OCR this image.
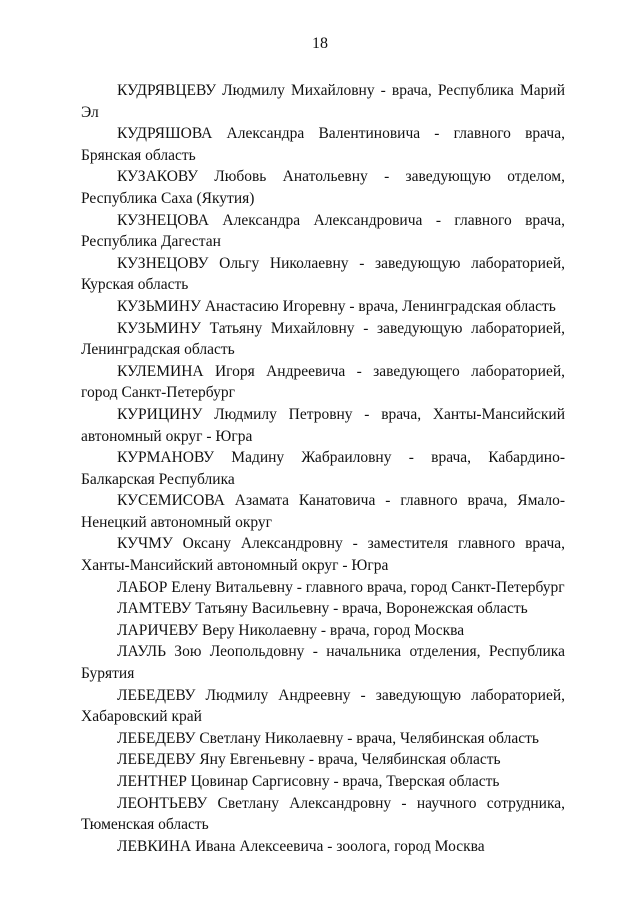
18

КУДРЯВЦЕВУ Людмилу Михайловну - врача, Республика Марий Эл

КУДРЯШОВА Александра Валентиновича - главного врача, Брянская область

КУЗАКОВУ Любовь Анатольевну - заведующую отделом, Республика Саха (Якутия)

КУЗНЕЦОВА Александра Александровича - главного врача, Республика Дагестан

КУЗНЕЦОВУ Ольгу Николаевну - заведующую лабораторией, Курская область

КУЗЬМИНУ Анастасию Игоревну - врача, Ленинградская область

КУЗЬМИНУ Татьяну Михайловну - заведующую лабораторией, Ленинградская область

КУЛЕМИНА Игоря Андреевича - заведующего лабораторией, город Санкт-Петербург

КУРИЦИНУ Людмилу Петровну - врача, Ханты-Мансийский автономный округ - Югра

КУРМАНОВУ Мадину Жабраиловну - врача, Кабардино-Балкарская Республика

КУСЕМИСОВА Азамата Канатовича - главного врача, Ямало-Ненецкий автономный округ

КУЧМУ Оксану Александровну - заместителя главного врача, Ханты-Мансийский автономный округ - Югра

ЛАБОР Елену Витальевну - главного врача, город Санкт-Петербург

ЛАМТЕВУ Татьяну Васильевну - врача, Воронежская область

ЛАРИЧЕВУ Веру Николаевну - врача, город Москва

ЛАУЛЬ Зою Леопольдовну - начальника отделения, Республика Бурятия

ЛЕБЕДЕВУ Людмилу Андреевну - заведующую лабораторией, Хабаровский край

ЛЕБЕДЕВУ Светлану Николаевну - врача, Челябинская область

ЛЕБЕДЕВУ Яну Евгеньевну - врача, Челябинская область

ЛЕНТНЕР Цовинар Саргисовну - врача, Тверская область

ЛЕОНТЬЕВУ Светлану Александровну - научного сотрудника, Тюменская область

ЛЕВКИНА Ивана Алексеевича - зоолога, город Москва
